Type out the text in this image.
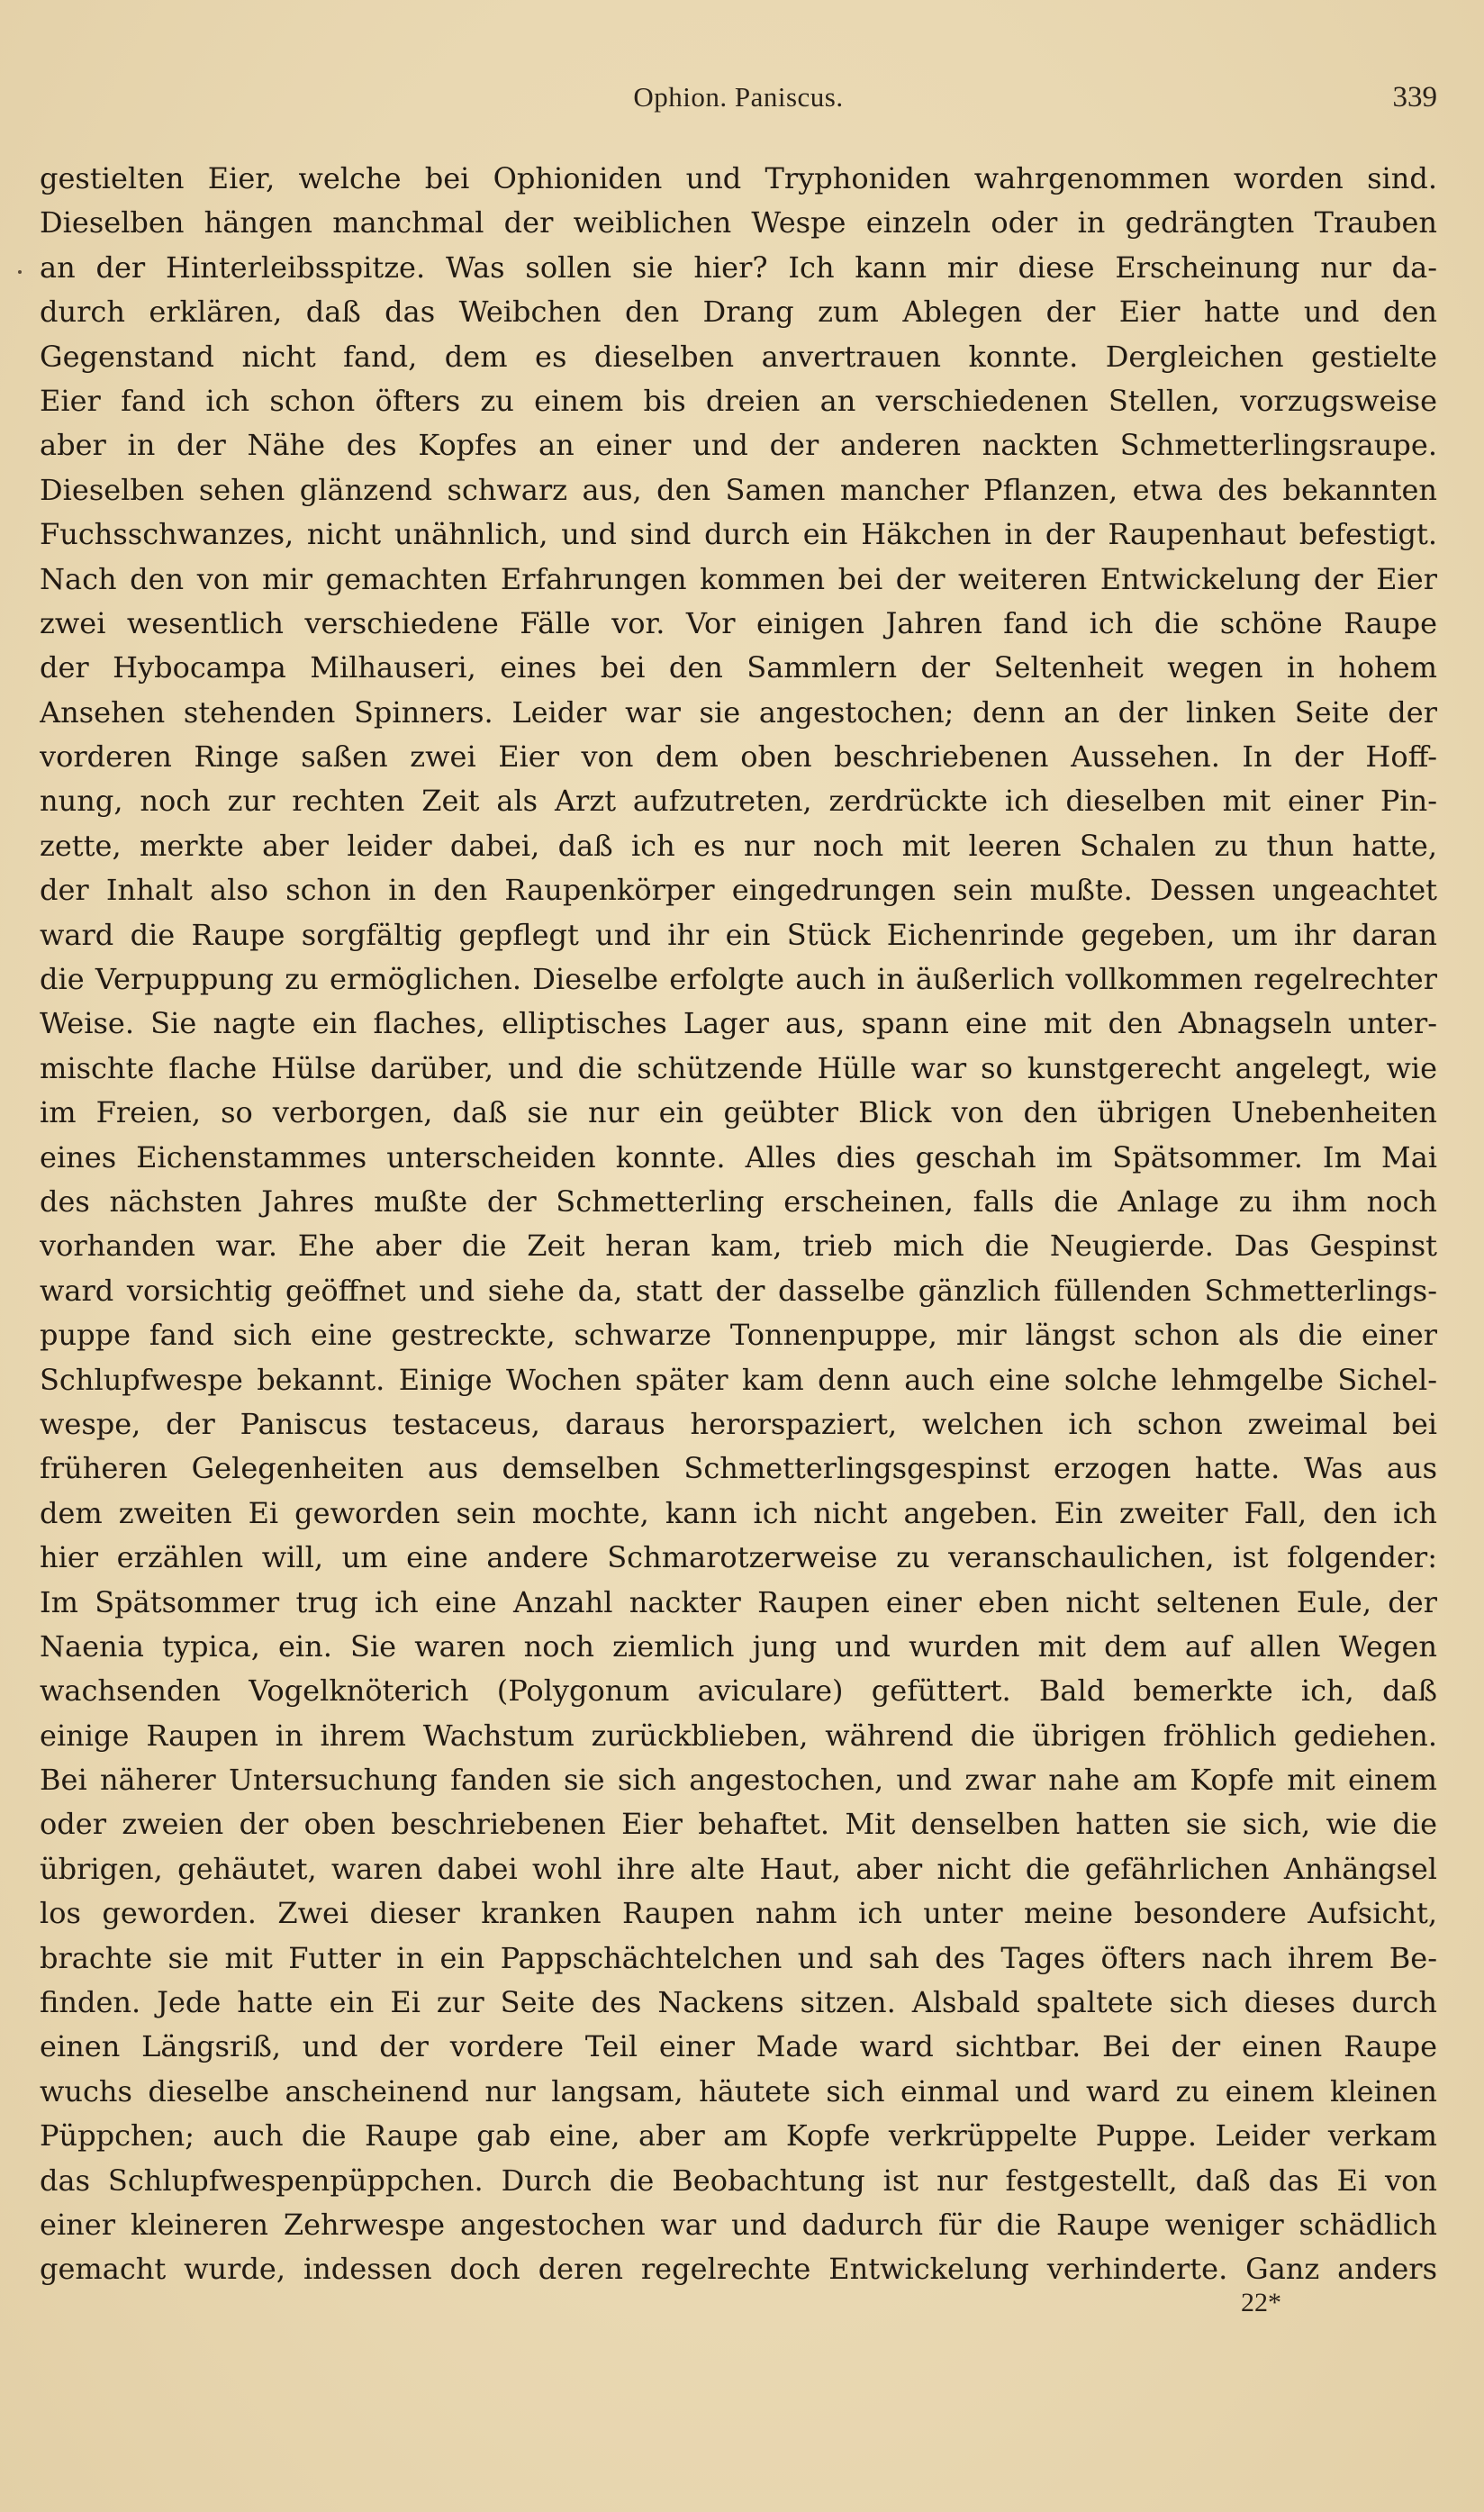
Ophion. Paniscus.	339
gestielten Eier, welche bei Ophioniden und Tryphoniden wahrgenommen worden sind.
Dieselben hängen manchmal der weiblichen Wespe einzeln oder in gedrängten Trauben
an der Hinterleibsspitze. Was sollen sie hier? Ich kann mir diese Erscheinung nur da-
durch erklären, daß das Weibchen den Drang zum Ablegen der Eier hatte und den
Gegenstand nicht fand, dem es dieselben anvertrauen konnte. Dergleichen gestielte
Eier fand ich schon öfters zu einem bis dreien an verschiedenen Stellen, vorzugsweise
aber in der Nähe des Kopfes an einer und der anderen nackten Schmetterlingsraupe.
Dieselben sehen glänzend schwarz aus, den Samen mancher Pflanzen, etwa des bekannten
Fuchsschwanzes, nicht unähnlich, und sind durch ein Häkchen in der Raupenhaut befestigt.
Nach den von mir gemachten Erfahrungen kommen bei der weiteren Entwickelung der Eier
zwei wesentlich verschiedene Fälle vor. Vor einigen Jahren fand ich die schöne Raupe
der Hybocampa Milhauseri, eines bei den Sammlern der Seltenheit wegen in hohem
Ansehen stehenden Spinners. Leider war sie angestochen; denn an der linken Seite der
vorderen Ringe saßen zwei Eier von dem oben beschriebenen Aussehen. In der Hoff-
nung, noch zur rechten Zeit als Arzt aufzutreten, zerdrückte ich dieselben mit einer Pin-
zette, merkte aber leider dabei, daß ich es nur noch mit leeren Schalen zu thun hatte,
der Inhalt also schon in den Raupenkörper eingedrungen sein mußte. Dessen ungeachtet
ward die Raupe sorgfältig gepflegt und ihr ein Stück Eichenrinde gegeben, um ihr daran
die Verpuppung zu ermöglichen. Dieselbe erfolgte auch in äußerlich vollkommen regelrechter
Weise. Sie nagte ein flaches, elliptisches Lager aus, spann eine mit den Abnagseln unter-
mischte flache Hülse darüber, und die schützende Hülle war so kunstgerecht angelegt, wie
im Freien, so verborgen, daß sie nur ein geübter Blick von den übrigen Unebenheiten
eines Eichenstammes unterscheiden konnte. Alles dies geschah im Spätsommer. Im Mai
des nächsten Jahres mußte der Schmetterling erscheinen, falls die Anlage zu ihm noch
vorhanden war. Ehe aber die Zeit heran kam, trieb mich die Neugierde. Das Gespinst
ward vorsichtig geöffnet und siehe da, statt der dasselbe gänzlich füllenden Schmetterlings-
puppe fand sich eine gestreckte, schwarze Tonnenpuppe, mir längst schon als die einer
Schlupfwespe bekannt. Einige Wochen später kam denn auch eine solche lehmgelbe Sichel-
wespe, der Paniscus testaceus, daraus herorspaziert, welchen ich schon zweimal bei
früheren Gelegenheiten aus demselben Schmetterlingsgespinst erzogen hatte. Was aus
dem zweiten Ei geworden sein mochte, kann ich nicht angeben. Ein zweiter Fall, den ich
hier erzählen will, um eine andere Schmarotzerweise zu veranschaulichen, ist folgender:
Im Spätsommer trug ich eine Anzahl nackter Raupen einer eben nicht seltenen Eule, der
Naenia typica, ein. Sie waren noch ziemlich jung und wurden mit dem auf allen Wegen
wachsenden Vogelknöterich (Polygonum aviculare) gefüttert. Bald bemerkte ich, daß
einige Raupen in ihrem Wachstum zurückblieben, während die übrigen fröhlich gediehen.
Bei näherer Untersuchung fanden sie sich angestochen, und zwar nahe am Kopfe mit einem
oder zweien der oben beschriebenen Eier behaftet. Mit denselben hatten sie sich, wie die
übrigen, gehäutet, waren dabei wohl ihre alte Haut, aber nicht die gefährlichen Anhängsel
los geworden. Zwei dieser kranken Raupen nahm ich unter meine besondere Aufsicht,
brachte sie mit Futter in ein Pappschächtelchen und sah des Tages öfters nach ihrem Be-
finden. Jede hatte ein Ei zur Seite des Nackens sitzen. Alsbald spaltete sich dieses durch
einen Längsriß, und der vordere Teil einer Made ward sichtbar. Bei der einen Raupe
wuchs dieselbe anscheinend nur langsam, häutete sich einmal und ward zu einem kleinen
Püppchen; auch die Raupe gab eine, aber am Kopfe verkrüppelte Puppe. Leider verkam
das Schlupfwespenpüppchen. Durch die Beobachtung ist nur festgestellt, daß das Ei von
einer kleineren Zehrwespe angestochen war und dadurch für die Raupe weniger schädlich
gemacht wurde, indessen doch deren regelrechte Entwickelung verhinderte. Ganz anders
22*
